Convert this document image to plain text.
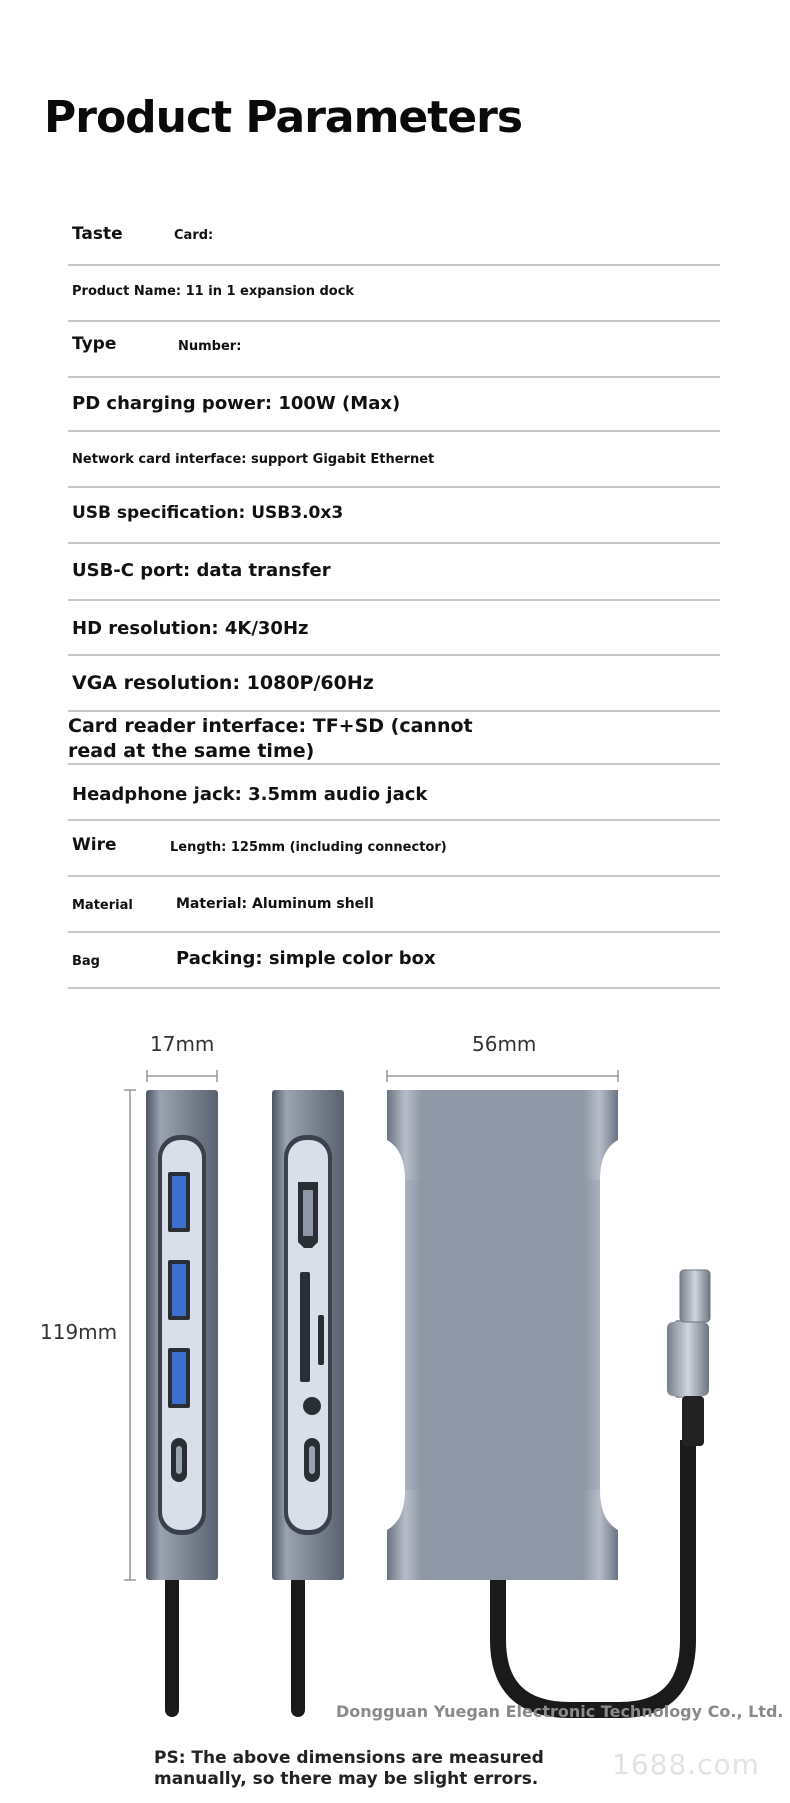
Product Parameters
Taste	Card:
Product Name: 11 in 1 expansion dock
Type	Number:
PD charging power: 100W (Max)
Network card interface: support Gigabit Ethernet
USB specification: USB3.0x3
USB-C port: data transfer
HD resolution: 4K/30Hz
VGA resolution: 1080P/60Hz
Card reader interface: TF+SD (cannot read at the same time)
Headphone jack: 3.5mm audio jack
Wire	Length: 125mm (including connector)
Material	Material: Aluminum shell
Bag	Packing: simple color box
17mm	56mm
119mm
Dongguan Yuegan Electronic Technology Co., Ltd.
1688.com
PS: The above dimensions are measured manually, so there may be slight errors.
